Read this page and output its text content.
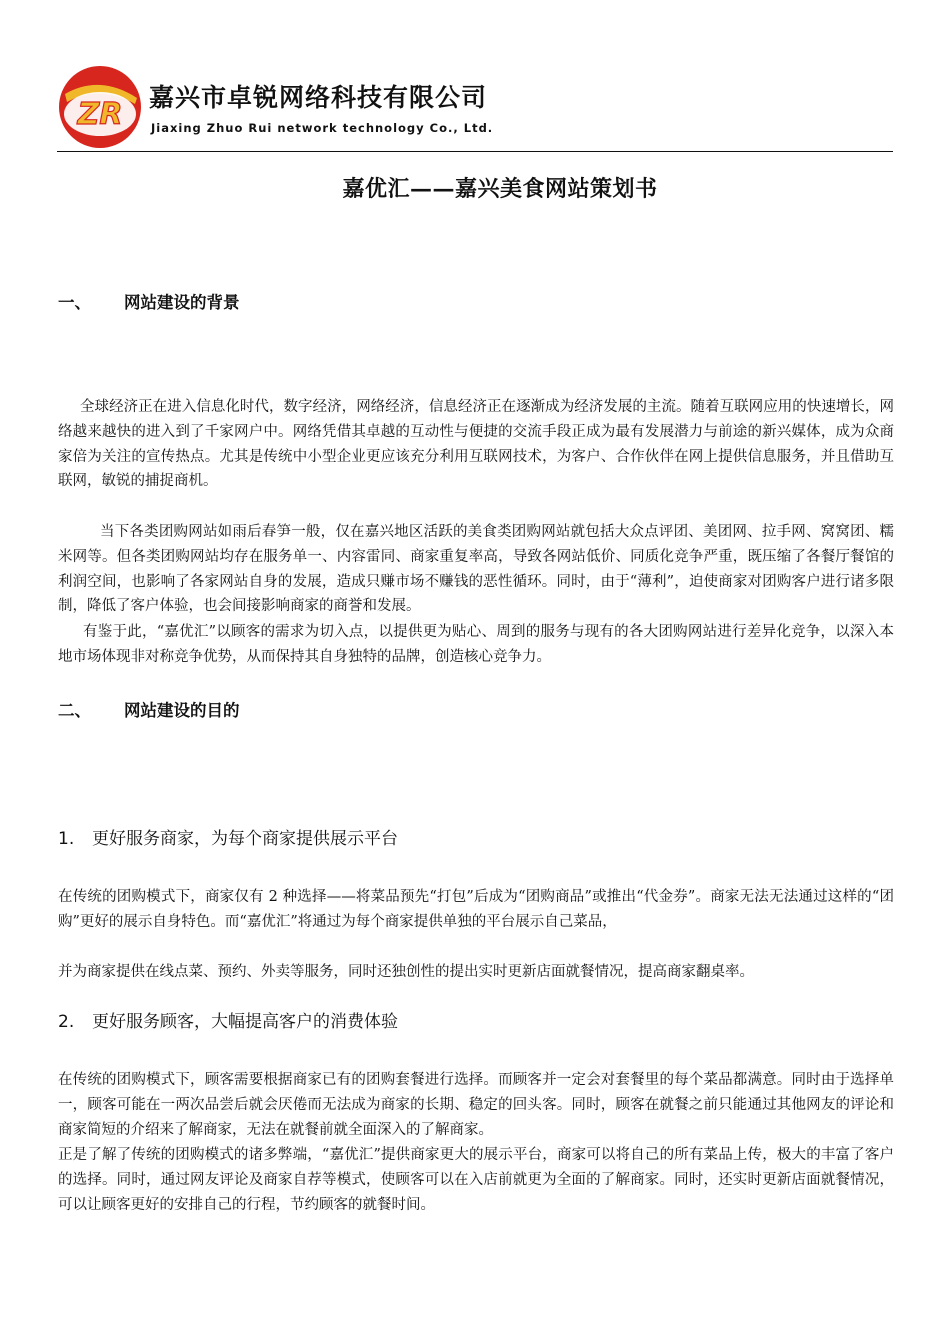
ZR 嘉兴市卓锐网络科技有限公司
Jiaxing Zhuo Rui network technology Co., Ltd.
嘉优汇——嘉兴美食网站策划书
一、 网站建设的背景

全球经济正在进入信息化时代，数字经济，网络经济，信息经济正在逐渐成为经济发展的主流。随着互联网应用的快速增长，网络越来越快的进入到了千家网户中。网络凭借其卓越的互动性与便捷的交流手段正成为最有发展潜力与前途的新兴媒体，成为众商家倍为关注的宣传热点。尤其是传统中小型企业更应该充分利用互联网技术，为客户、合作伙伴在网上提供信息服务，并且借助互联网，敏锐的捕捉商机。

当下各类团购网站如雨后春笋一般，仅在嘉兴地区活跃的美食类团购网站就包括大众点评团、美团网、拉手网、窝窝团、糯米网等。但各类团购网站均存在服务单一、内容雷同、商家重复率高，导致各网站低价、同质化竞争严重，既压缩了各餐厅餐馆的利润空间，也影响了各家网站自身的发展，造成只赚市场不赚钱的恶性循环。同时，由于“薄利”，迫使商家对团购客户进行诸多限制，降低了客户体验，也会间接影响商家的商誉和发展。

有鉴于此，“嘉优汇”以顾客的需求为切入点，以提供更为贴心、周到的服务与现有的各大团购网站进行差异化竞争，以深入本地市场体现非对称竞争优势，从而保持其自身独特的品牌，创造核心竞争力。

二、 网站建设的目的
1. 更好服务商家，为每个商家提供展示平台

在传统的团购模式下，商家仅有 2 种选择——将菜品预先“打包”后成为“团购商品”或推出“代金券”。商家无法无法通过这样的“团购”更好的展示自身特色。而“嘉优汇”将通过为每个商家提供单独的平台展示自己菜品，

并为商家提供在线点菜、预约、外卖等服务，同时还独创性的提出实时更新店面就餐情况，提高商家翻桌率。

2. 更好服务顾客，大幅提高客户的消费体验

在传统的团购模式下，顾客需要根据商家已有的团购套餐进行选择。而顾客并一定会对套餐里的每个菜品都满意。同时由于选择单一，顾客可能在一两次品尝后就会厌倦而无法成为商家的长期、稳定的回头客。同时，顾客在就餐之前只能通过其他网友的评论和商家简短的介绍来了解商家，无法在就餐前就全面深入的了解商家。

正是了解了传统的团购模式的诸多弊端，“嘉优汇”提供商家更大的展示平台，商家可以将自己的所有菜品上传，极大的丰富了客户的选择。同时，通过网友评论及商家自荐等模式，使顾客可以在入店前就更为全面的了解商家。同时，还实时更新店面就餐情况，可以让顾客更好的安排自己的行程，节约顾客的就餐时间。
